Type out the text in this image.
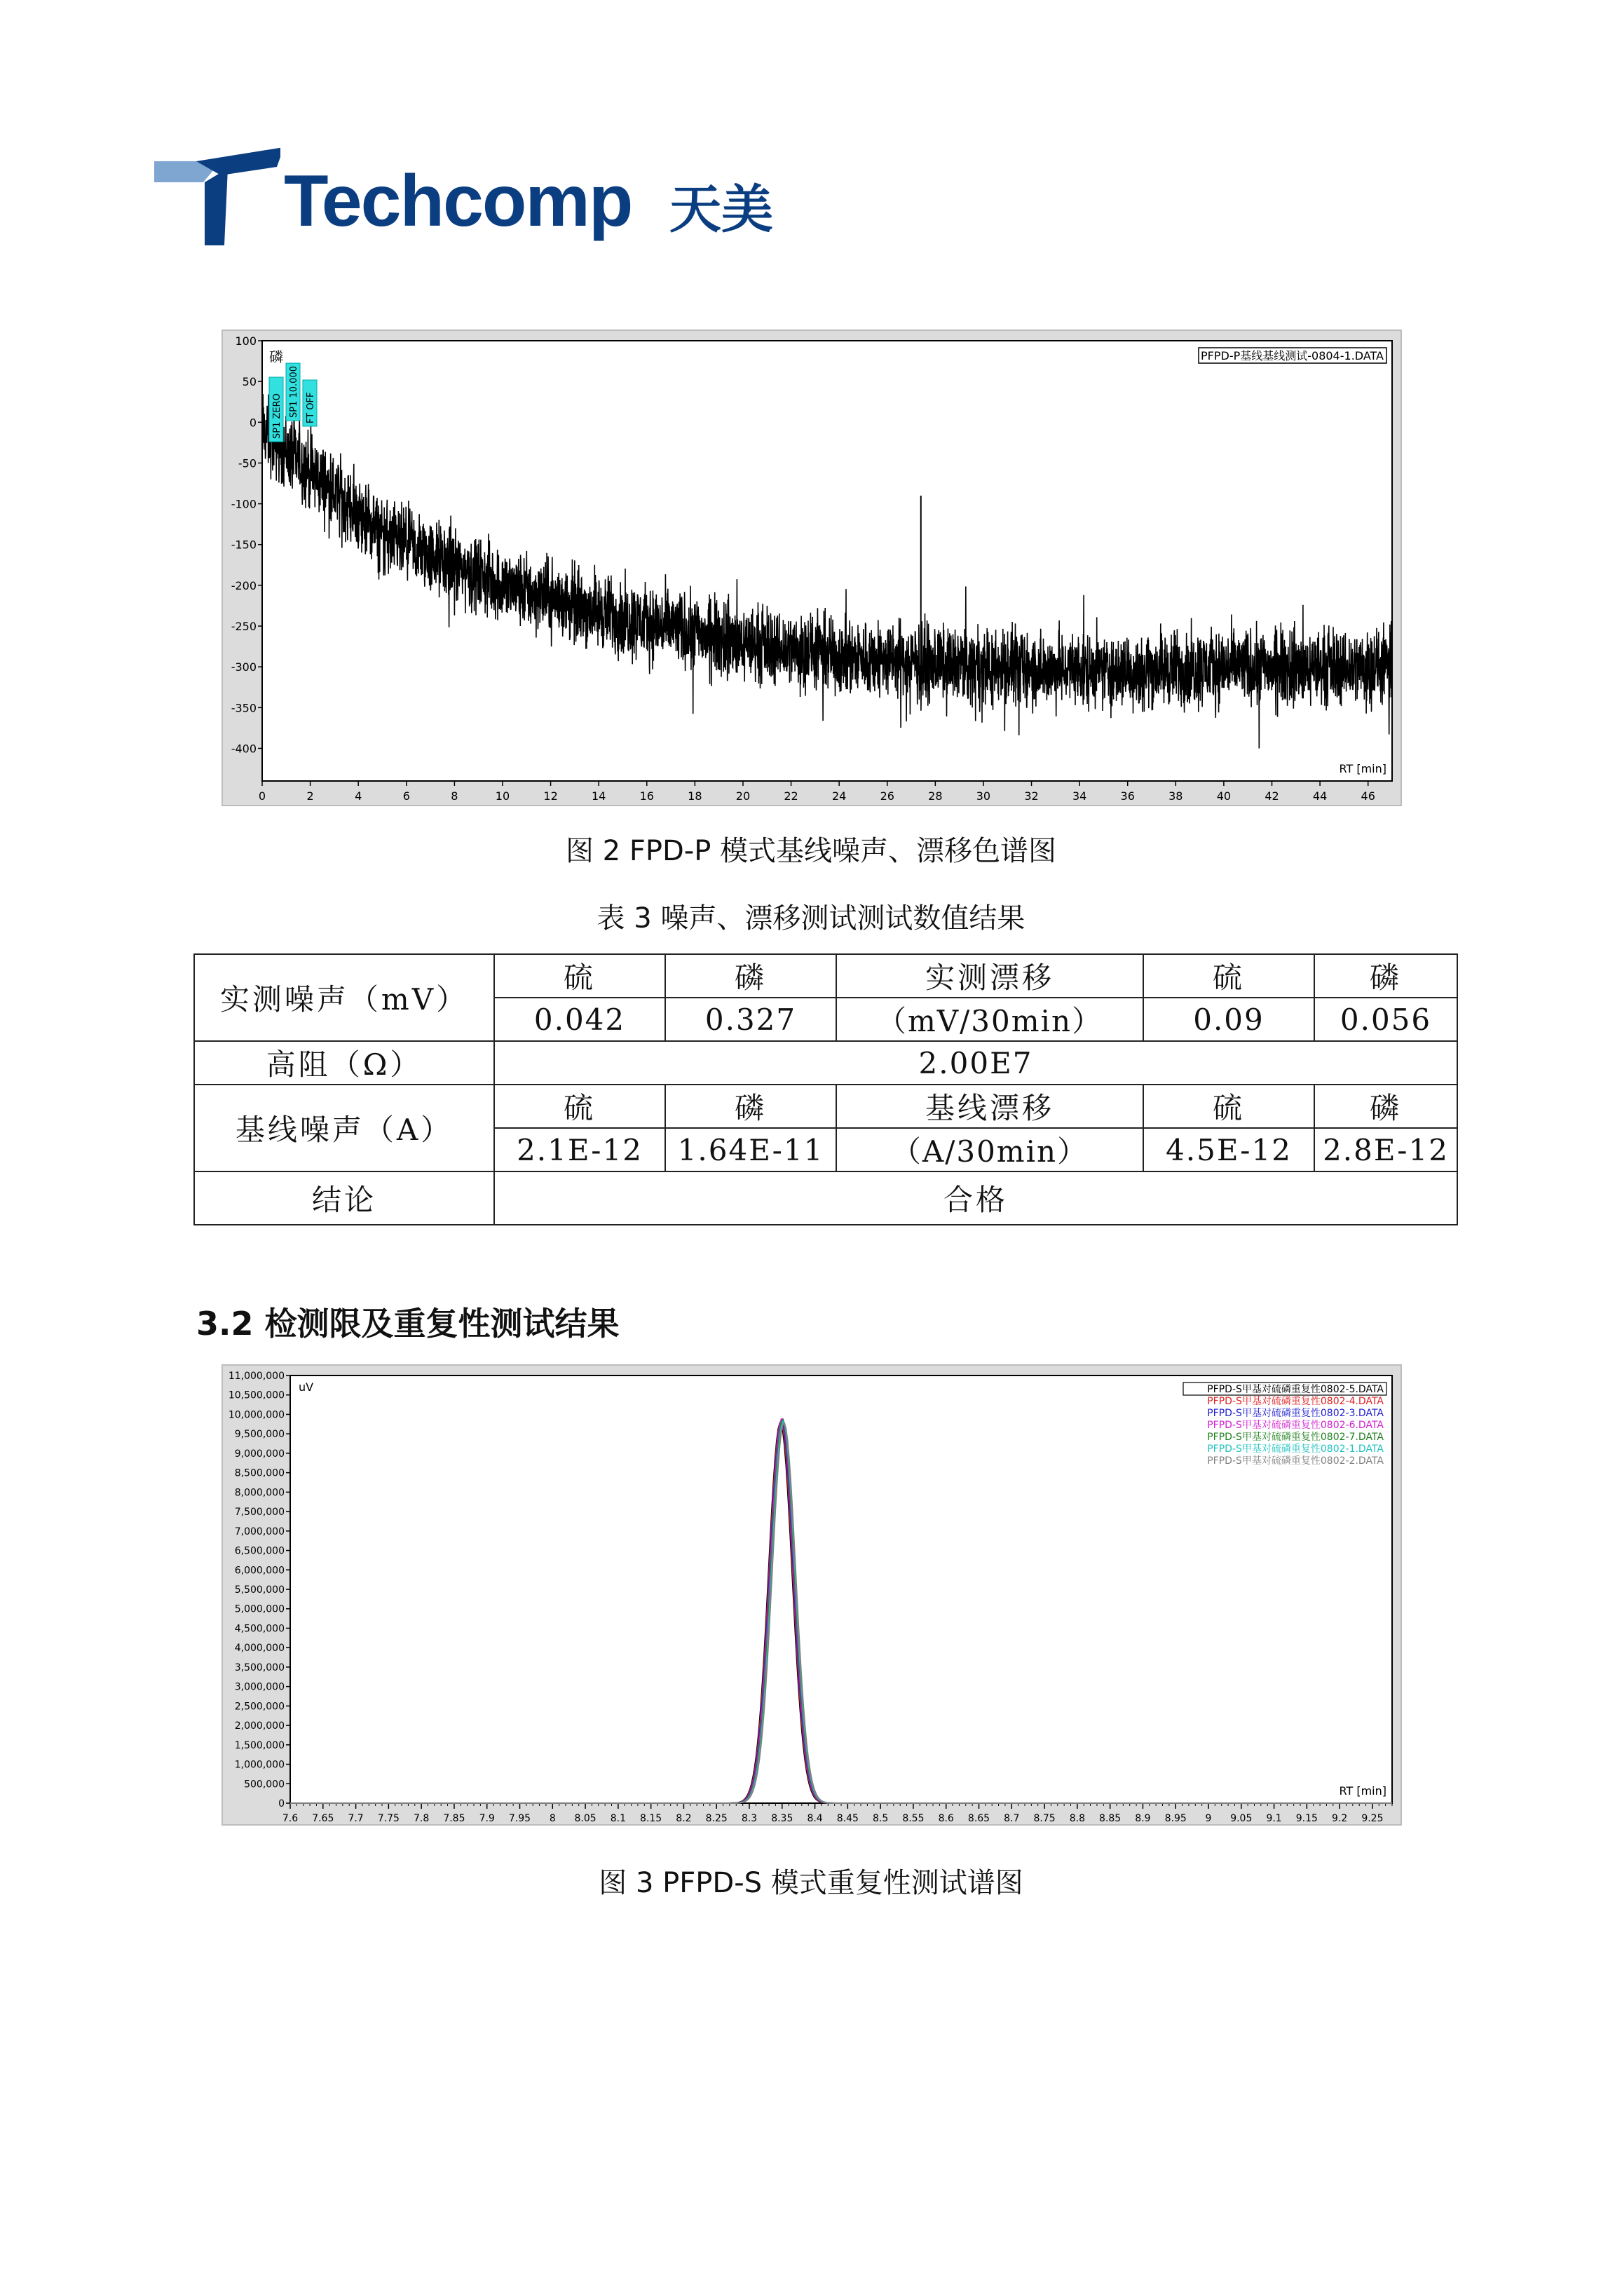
Techcomp 天美
100
50
0
-50
-100
-150
-200
-250
-300
-350
-400
0	2	4	6	8	10	12	14	16	18	20	22	24	26	28	30	32	34	36	38	40	42	44	46
SP1 ZERO SP1 10.000 FT OFF
磷	PFPD-P基线基线测试-0804-1.DATA
RT [min]
图 2 FPD-P 模式基线噪声、漂移色谱图
表 3 噪声、漂移测试测试数值结果
实测噪声（mV）	硫	磷	实测漂移	硫	磷
	0.042	0.327	（mV/30min）	0.09	0.056
高阻（Ω）	2.00E7				
基线噪声（A）	硫	磷	基线漂移	硫	磷
	2.1E-12	1.64E-11	（A/30min）	4.5E-12	2.8E-12
结论	合格				
3.2 检测限及重复性测试结果
uV
RT [min]
11,000,000
10,500,000
10,000,000
9,500,000
9,000,000
8,500,000
8,000,000
7,500,000
7,000,000
6,500,000
6,000,000
5,500,000
5,000,000
4,500,000
4,000,000
3,500,000
3,000,000
2,500,000
2,000,000
1,500,000
1,000,000
500,000
0
7.6 7.65 7.7 7.75 7.8 7.85 7.9 7.95 8 8.05 8.1 8.15 8.2 8.25 8.3 8.35 8.4 8.45 8.5 8.55 8.6 8.65 8.7 8.75 8.8 8.85 8.9 8.95 9 9.05 9.1 9.15 9.2 9.25
PFPD-S甲基对硫磷重复性0802-5.DATA
PFPD-S甲基对硫磷重复性0802-4.DATA
PFPD-S甲基对硫磷重复性0802-3.DATA
PFPD-S甲基对硫磷重复性0802-6.DATA
PFPD-S甲基对硫磷重复性0802-7.DATA
PFPD-S甲基对硫磷重复性0802-1.DATA
PFPD-S甲基对硫磷重复性0802-2.DATA
图 3 PFPD-S 模式重复性测试谱图
